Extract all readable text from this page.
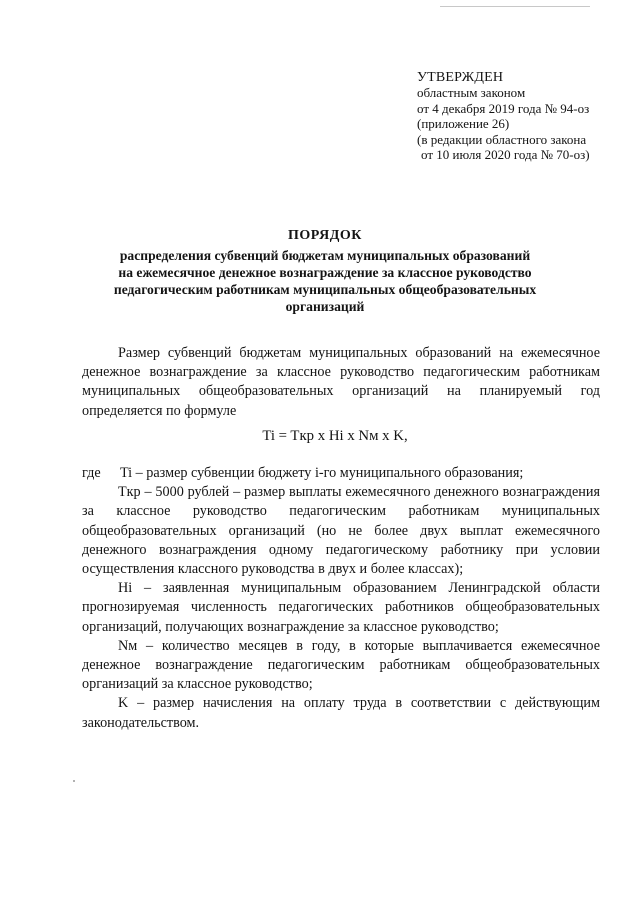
УТВЕРЖДЕН
областным законом
от 4 декабря 2019 года № 94-оз
(приложение 26)
(в редакции областного закона
от 10 июля 2020 года № 70-оз)
ПОРЯДОК
распределения субвенций бюджетам муниципальных образований
на ежемесячное денежное вознаграждение за классное руководство
педагогическим работникам муниципальных общеобразовательных
организаций

Размер субвенций бюджетам муниципальных образований на ежемесячное денежное вознаграждение за классное руководство педагогическим работникам муниципальных общеобразовательных организаций на планируемый год определяется по формуле

Ti = Tкр x Hi x Nм x K,

где Ti – размер субвенции бюджету i-го муниципального образования;

Tкр – 5000 рублей – размер выплаты ежемесячного денежного вознаграждения за классное руководство педагогическим работникам муниципальных общеобразовательных организаций (но не более двух выплат ежемесячного денежного вознаграждения одному педагогическому работнику при условии осуществления классного руководства в двух и более классах);

Hi – заявленная муниципальным образованием Ленинградской области прогнозируемая численность педагогических работников общеобразовательных организаций, получающих вознаграждение за классное руководство;

Nм – количество месяцев в году, в которые выплачивается ежемесячное денежное вознаграждение педагогическим работникам общеобразовательных организаций за классное руководство;

K – размер начисления на оплату труда в соответствии с действующим законодательством.
